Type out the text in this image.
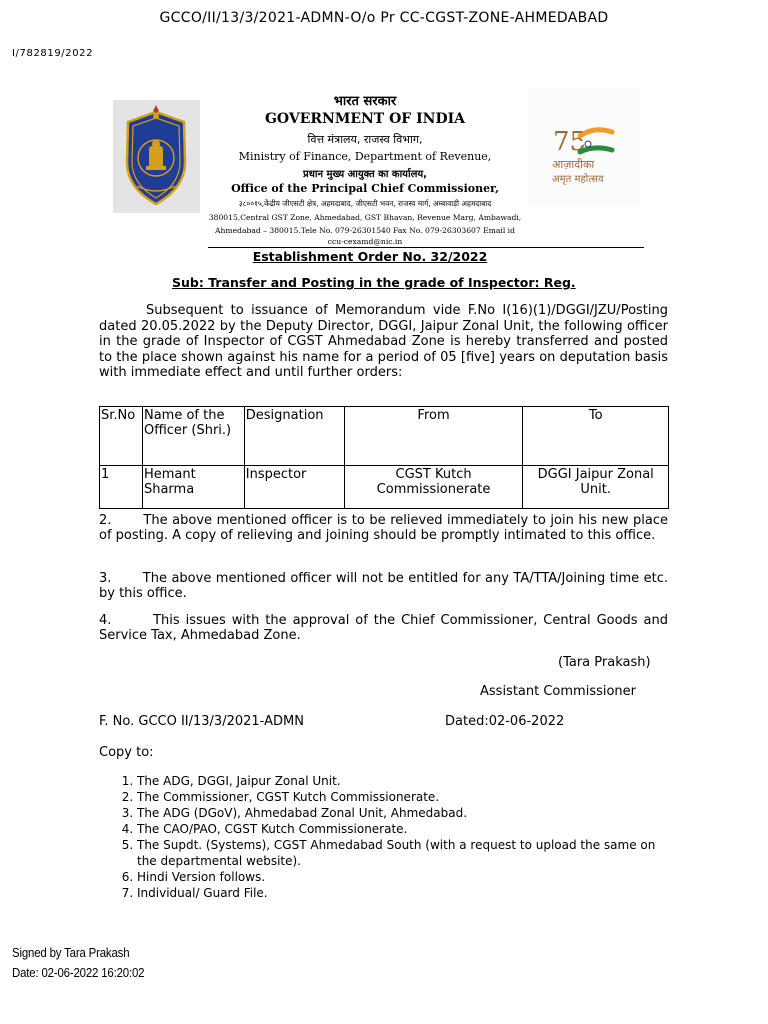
GCCO/II/13/3/2021-ADMN-O/o Pr CC-CGST-ZONE-AHMEDABAD
I/782819/2022
75
आज़ादीका
अमृत महोत्सव
भारत सरकार
GOVERNMENT OF INDIA
वित्त मंत्रालय, राजस्व विभाग,
Ministry of Finance, Department of Revenue,
प्रधान मुख्य आयुक्त का कार्यालय,
Office of the Principal Chief Commissioner,
३८००१५,केंद्रीय जीएसटी क्षेत्र, अहमदाबाद, जीएसटी भवन, राजस्व मार्ग, अम्बावाड़ी अहमदाबाद
380015,Central GST Zone, Ahmedabad, GST Bhavan, Revenue Marg, Ambawadi,
Ahmedabad – 380015.Tele No. 079-26301540 Fax No. 079-26303607 Email id
ccu-cexamd@nic.in
Establishment Order No. 32/2022
Sub: Transfer and Posting in the grade of Inspector: Reg.
Subsequent to issuance of Memorandum vide F.No I(16)(1)/DGGI/JZU/Posting dated 20.05.2022 by the Deputy Director, DGGI, Jaipur Zonal Unit, the following officer in the grade of Inspector of CGST Ahmedabad Zone is hereby transferred and posted to the place shown against his name for a period of 05 [five] years on deputation basis with immediate effect and until further orders:
Sr.No	Name of the Officer (Shri.)	Designation	From	To
1	Hemant Sharma	Inspector	CGST Kutch Commissionerate	DGGI Jaipur Zonal Unit.
2.       The above mentioned officer is to be relieved immediately to join his new place of posting. A copy of relieving and joining should be promptly intimated to this office.
3.       The above mentioned officer will not be entitled for any TA/TTA/Joining time etc. by this office.
4.       This issues with the approval of the Chief Commissioner, Central Goods and Service Tax, Ahmedabad Zone.
(Tara Prakash)
Assistant Commissioner
F. No. GCCO II/13/3/2021-ADMN	Dated:02-06-2022
Copy to:
1. The ADG, DGGI, Jaipur Zonal Unit.
2. The Commissioner, CGST Kutch Commissionerate.
3. The ADG (DGoV), Ahmedabad Zonal Unit, Ahmedabad.
4. The CAO/PAO, CGST Kutch Commissionerate.
5. The Supdt. (Systems), CGST Ahmedabad South (with a request to upload the same on the departmental website).
6. Hindi Version follows.
7. Individual/ Guard File.
Signed by Tara Prakash
Date: 02-06-2022 16:20:02
